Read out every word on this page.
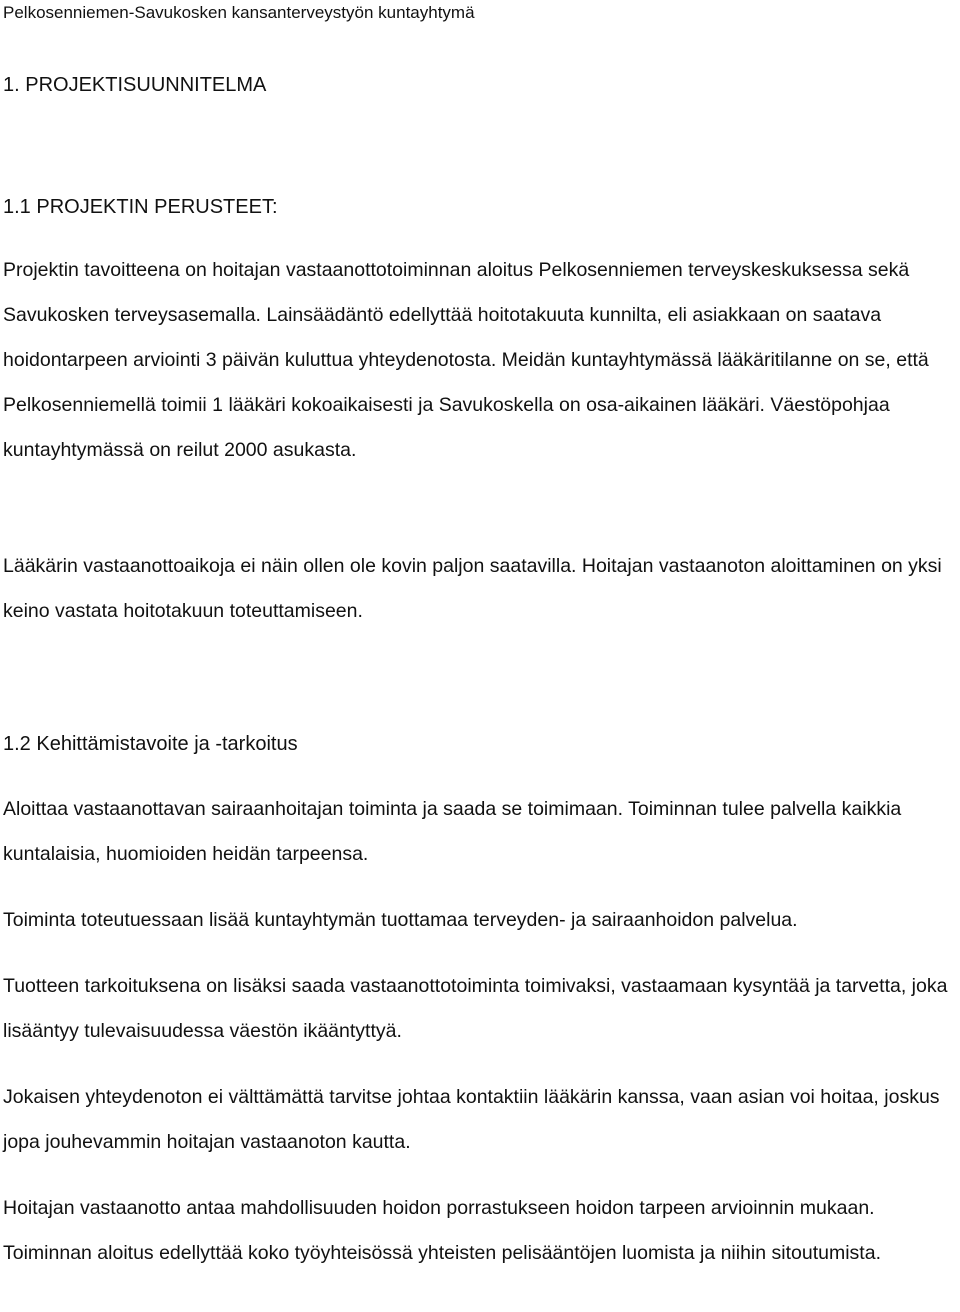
Pelkosenniemen-Savukosken kansanterveystyön kuntayhtymä
1. PROJEKTISUUNNITELMA
1.1 PROJEKTIN PERUSTEET:

Projektin tavoitteena on hoitajan vastaanottotoiminnan aloitus Pelkosenniemen terveyskeskuksessa sekä Savukosken terveysasemalla. Lainsäädäntö edellyttää hoitotakuuta kunnilta, eli asiakkaan on saatava hoidontarpeen arviointi 3 päivän kuluttua yhteydenotosta. Meidän kuntayhtymässä lääkäritilanne on se, että Pelkosenniemellä toimii 1 lääkäri kokoaikaisesti ja Savukoskella on osa-aikainen lääkäri. Väestöpohjaa kuntayhtymässä on reilut 2000 asukasta.

Lääkärin vastaanottoaikoja ei näin ollen ole kovin paljon saatavilla. Hoitajan vastaanoton aloittaminen on yksi keino vastata hoitotakuun toteuttamiseen.

1.2 Kehittämistavoite ja -tarkoitus

Aloittaa vastaanottavan sairaanhoitajan toiminta ja saada se toimimaan. Toiminnan tulee palvella kaikkia kuntalaisia, huomioiden heidän tarpeensa.

Toiminta toteutuessaan lisää kuntayhtymän tuottamaa terveyden- ja sairaanhoidon palvelua.

Tuotteen tarkoituksena on lisäksi saada vastaanottotoiminta toimivaksi, vastaamaan kysyntää ja tarvetta, joka lisääntyy tulevaisuudessa väestön ikääntyttyä.

Jokaisen yhteydenoton ei välttämättä tarvitse johtaa kontaktiin lääkärin kanssa, vaan asian voi hoitaa, joskus jopa jouhevammin hoitajan vastaanoton kautta.

Hoitajan vastaanotto antaa mahdollisuuden hoidon porrastukseen hoidon tarpeen arvioinnin mukaan. Toiminnan aloitus edellyttää koko työyhteisössä yhteisten pelisääntöjen luomista ja niihin sitoutumista.
